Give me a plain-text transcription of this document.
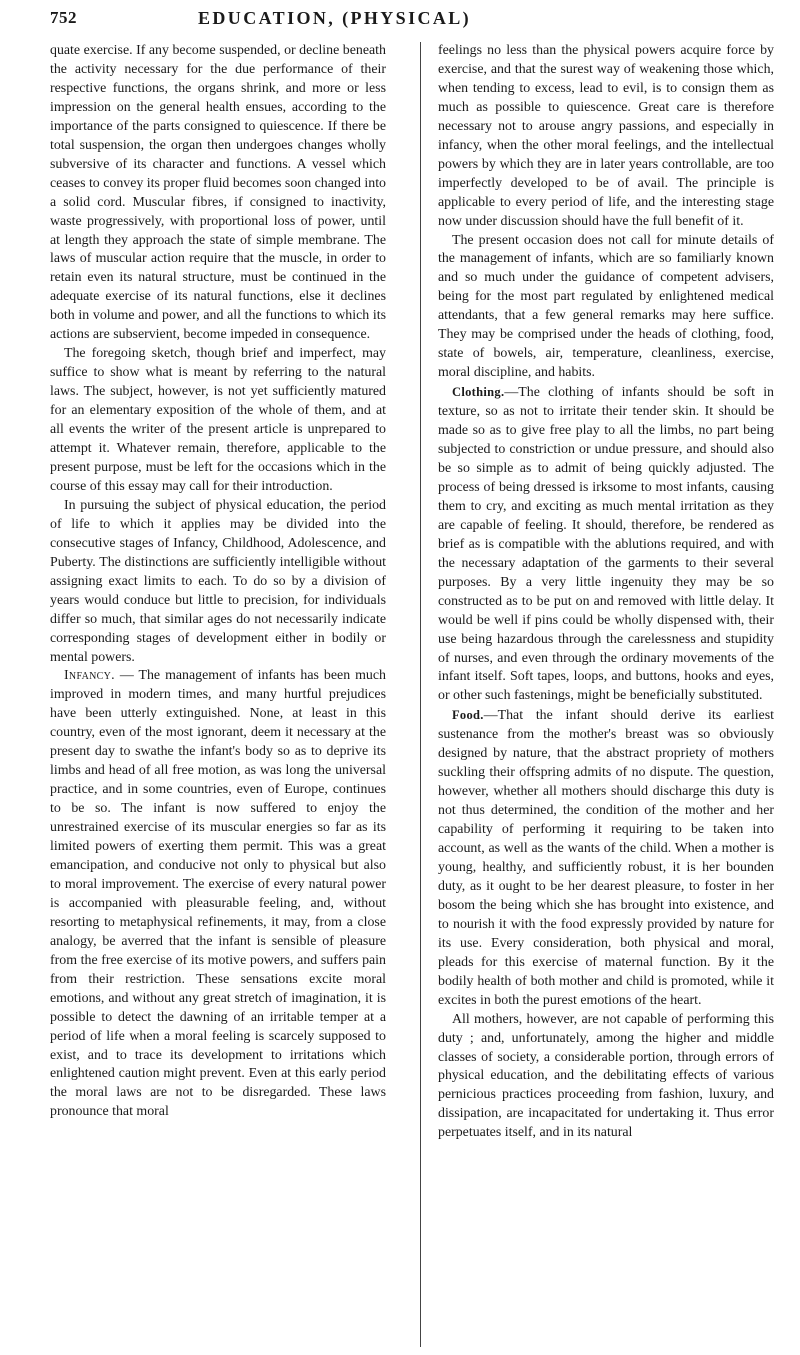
752	EDUCATION, (PHYSICAL)

quate exercise. If any become suspended, or decline beneath the activity necessary for the due performance of their respective functions, the organs shrink, and more or less impression on the general health ensues, according to the importance of the parts consigned to quiescence. If there be total suspension, the organ then undergoes changes wholly subversive of its character and functions. A vessel which ceases to convey its proper fluid becomes soon changed into a solid cord. Muscular fibres, if consigned to inactivity, waste progressively, with proportional loss of power, until at length they approach the state of simple membrane. The laws of muscular action require that the muscle, in order to retain even its natural structure, must be continued in the adequate exercise of its natural functions, else it declines both in volume and power, and all the functions to which its actions are subservient, become impeded in consequence.

The foregoing sketch, though brief and imperfect, may suffice to show what is meant by referring to the natural laws. The subject, however, is not yet sufficiently matured for an elementary exposition of the whole of them, and at all events the writer of the present article is unprepared to attempt it. Whatever remain, therefore, applicable to the present purpose, must be left for the occasions which in the course of this essay may call for their introduction.

In pursuing the subject of physical education, the period of life to which it applies may be divided into the consecutive stages of Infancy, Childhood, Adolescence, and Puberty. The distinctions are sufficiently intelligible without assigning exact limits to each. To do so by a division of years would conduce but little to precision, for individuals differ so much, that similar ages do not necessarily indicate corresponding stages of development either in bodily or mental powers.

Infancy. — The management of infants has been much improved in modern times, and many hurtful prejudices have been utterly extinguished. None, at least in this country, even of the most ignorant, deem it necessary at the present day to swathe the infant's body so as to deprive its limbs and head of all free motion, as was long the universal practice, and in some countries, even of Europe, continues to be so. The infant is now suffered to enjoy the unrestrained exercise of its muscular energies so far as its limited powers of exerting them permit. This was a great emancipation, and conducive not only to physical but also to moral improvement. The exercise of every natural power is accompanied with pleasurable feeling, and, without resorting to metaphysical refinements, it may, from a close analogy, be averred that the infant is sensible of pleasure from the free exercise of its motive powers, and suffers pain from their restriction. These sensations excite moral emotions, and without any great stretch of imagination, it is possible to detect the dawning of an irritable temper at a period of life when a moral feeling is scarcely supposed to exist, and to trace its development to irritations which enlightened caution might prevent. Even at this early period the moral laws are not to be disregarded. These laws pronounce that moral

feelings no less than the physical powers acquire force by exercise, and that the surest way of weakening those which, when tending to excess, lead to evil, is to consign them as much as possible to quiescence. Great care is therefore necessary not to arouse angry passions, and especially in infancy, when the other moral feelings, and the intellectual powers by which they are in later years controllable, are too imperfectly developed to be of avail. The principle is applicable to every period of life, and the interesting stage now under discussion should have the full benefit of it.

The present occasion does not call for minute details of the management of infants, which are so familiarly known and so much under the guidance of competent advisers, being for the most part regulated by enlightened medical attendants, that a few general remarks may here suffice. They may be comprised under the heads of clothing, food, state of bowels, air, temperature, cleanliness, exercise, moral discipline, and habits.

Clothing.—The clothing of infants should be soft in texture, so as not to irritate their tender skin. It should be made so as to give free play to all the limbs, no part being subjected to constriction or undue pressure, and should also be so simple as to admit of being quickly adjusted. The process of being dressed is irksome to most infants, causing them to cry, and exciting as much mental irritation as they are capable of feeling. It should, therefore, be rendered as brief as is compatible with the ablutions required, and with the necessary adaptation of the garments to their several purposes. By a very little ingenuity they may be so constructed as to be put on and removed with little delay. It would be well if pins could be wholly dispensed with, their use being hazardous through the carelessness and stupidity of nurses, and even through the ordinary movements of the infant itself. Soft tapes, loops, and buttons, hooks and eyes, or other such fastenings, might be beneficially substituted.

Food.—That the infant should derive its earliest sustenance from the mother's breast was so obviously designed by nature, that the abstract propriety of mothers suckling their offspring admits of no dispute. The question, however, whether all mothers should discharge this duty is not thus determined, the condition of the mother and her capability of performing it requiring to be taken into account, as well as the wants of the child. When a mother is young, healthy, and sufficiently robust, it is her bounden duty, as it ought to be her dearest pleasure, to foster in her bosom the being which she has brought into existence, and to nourish it with the food expressly provided by nature for its use. Every consideration, both physical and moral, pleads for this exercise of maternal function. By it the bodily health of both mother and child is promoted, while it excites in both the purest emotions of the heart.

All mothers, however, are not capable of performing this duty ; and, unfortunately, among the higher and middle classes of society, a considerable portion, through errors of physical education, and the debilitating effects of various pernicious practices proceeding from fashion, luxury, and dissipation, are incapacitated for undertaking it. Thus error perpetuates itself, and in its natural
